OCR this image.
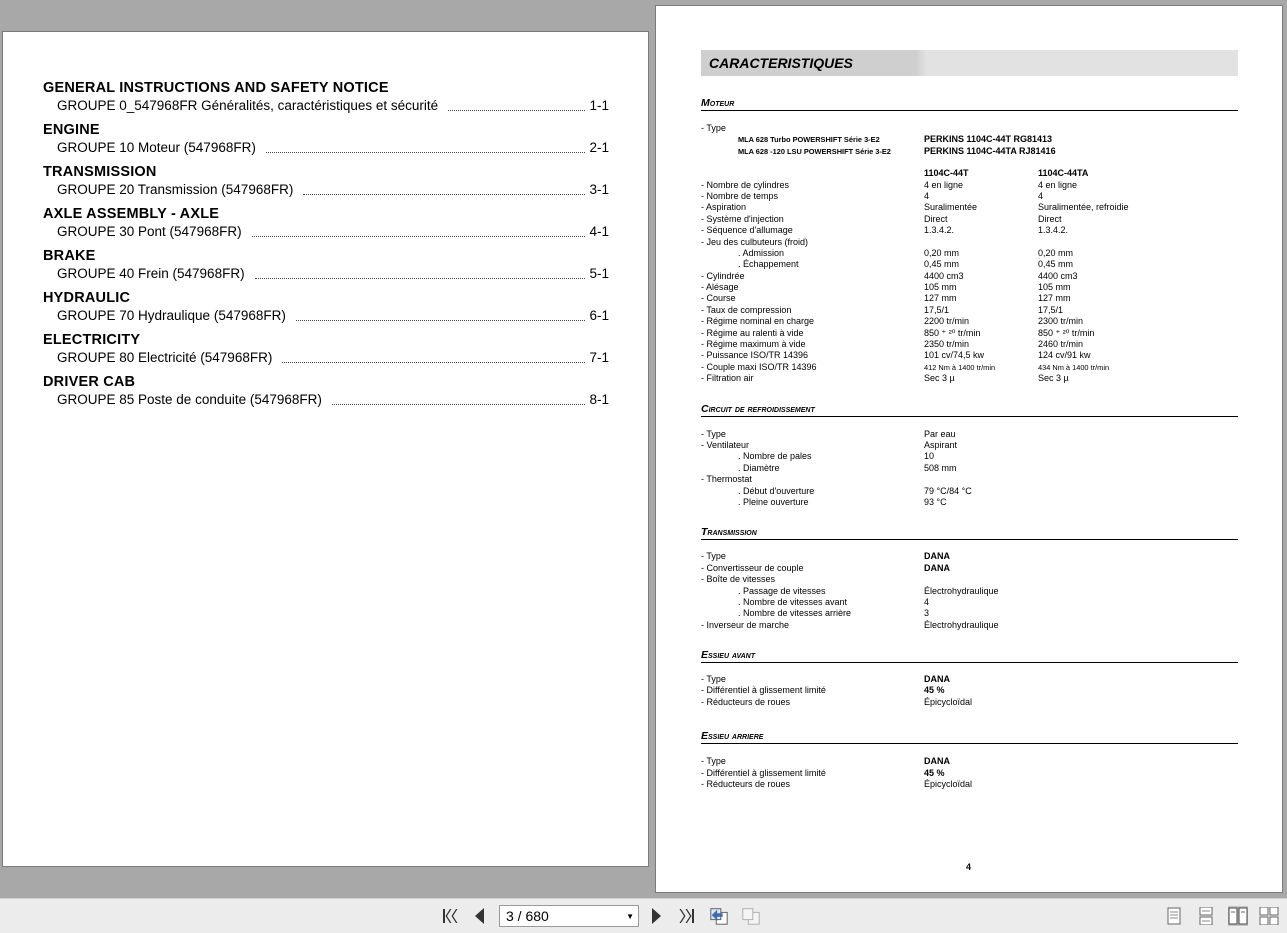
GENERAL INSTRUCTIONS AND SAFETY NOTICE
GROUPE 0_547968FR Généralités, caractéristiques et sécurité	1-1
ENGINE
GROUPE 10 Moteur (547968FR)	2-1
TRANSMISSION
GROUPE 20 Transmission (547968FR)	3-1
AXLE ASSEMBLY - AXLE
GROUPE 30 Pont (547968FR)	4-1
BRAKE
GROUPE 40 Frein (547968FR)	5-1
HYDRAULIC
GROUPE 70 Hydraulique (547968FR)	6-1
ELECTRICITY
GROUPE 80 Electricité (547968FR)	7-1
DRIVER CAB
GROUPE 85 Poste de conduite (547968FR)	8-1
CARACTERISTIQUES
Moteur
- Type
MLA 628 Turbo POWERSHIFT Série 3-E2	PERKINS 1104C-44T RG81413
MLA 628 -120 LSU POWERSHIFT Série 3-E2	PERKINS 1104C-44TA RJ81416
1104C-44T	1104C-44TA
- Nombre de cylindres	4 en ligne	4 en ligne
- Nombre de temps	4	4
- Aspiration	Suralimentée	Suralimentée, refroidie
- Système d'injection	Direct	Direct
- Séquence d'allumage	1.3.4.2.	1.3.4.2.
- Jeu des culbuteurs (froid)
. Admission	0,20 mm	0,20 mm
. Échappement	0,45 mm	0,45 mm
- Cylindrée	4400 cm3	4400 cm3
- Alésage	105 mm	105 mm
- Course	127 mm	127 mm
- Taux de compression	17,5/1	17,5/1
- Régime nominal en charge	2200 tr/min	2300 tr/min
- Régime au ralenti à vide	850 ⁺ ²⁰ tr/min	850 ⁺ ²⁰ tr/min
- Régime maximum à vide	2350 tr/min	2460 tr/min
- Puissance ISO/TR 14396	101 cv/74,5 kw	124 cv/91 kw
- Couple maxi ISO/TR 14396	412 Nm à 1400 tr/min	434 Nm à 1400 tr/min
- Filtration air	Sec 3 µ	Sec 3 µ
Circuit de refroidissement
- Type	Par eau
- Ventilateur	Aspirant
. Nombre de pales	10
. Diamètre	508 mm
- Thermostat
. Début d'ouverture	79 °C/84 °C
. Pleine ouverture	93 °C
Transmission
- Type	DANA
- Convertisseur de couple	DANA
- Boîte de vitesses
. Passage de vitesses	Électrohydraulique
. Nombre de vitesses avant	4
. Nombre de vitesses arrière	3
- Inverseur de marche	Électrohydraulique
Essieu avant
- Type	DANA
- Différentiel à glissement limité	45 %
- Réducteurs de roues	Épicycloïdal
Essieu arriere
- Type	DANA
- Différentiel à glissement limité	45 %
- Réducteurs de roues	Épicycloïdal
4
3 / 680	▼
